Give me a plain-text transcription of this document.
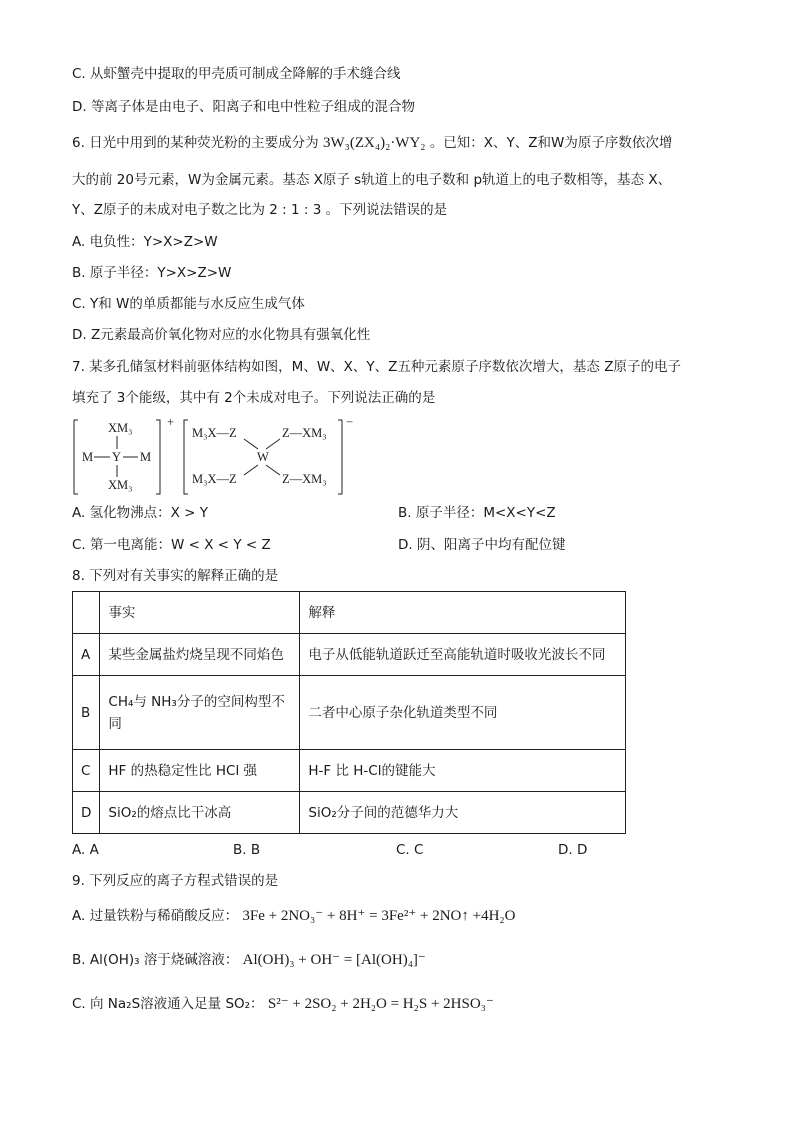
C. 从虾蟹壳中提取的甲壳质可制成全降解的手术缝合线
D. 等离子体是由电子、阳离子和电中性粒子组成的混合物
6. 日光中用到的某种荧光粉的主要成分为 3W₃(ZX₄)₂·WY₂ 。已知：X、Y、Z和W为原子序数依次增
大的前 20号元素，W为金属元素。基态 X原子 s轨道上的电子数和 p轨道上的电子数相等，基态 X、
Y、Z原子的未成对电子数之比为 2 : 1 : 3 。下列说法错误的是
A. 电负性：Y>X>Z>W
B. 原子半径：Y>X>Z>W
C. Y和 W的单质都能与水反应生成气体
D. Z元素最高价氧化物对应的水化物具有强氧化性
7. 某多孔储氢材料前驱体结构如图，M、W、X、Y、Z五种元素原子序数依次增大，基态 Z原子的电子
填充了 3个能级，其中有 2个未成对电子。下列说法正确的是
+
XM₃
M Y M
XM₃
−
M₃X—Z	Z—XM₃
W
M₃X—Z	Z—XM₃
A. 氢化物沸点：X > Y	B. 原子半径：M<X<Y<Z
C. 第一电离能：W < X < Y < Z	D. 阴、阳离子中均有配位键
8. 下列对有关事实的解释正确的是
	事实	解释
A	某些金属盐灼烧呈现不同焰色	电子从低能轨道跃迁至高能轨道时吸收光波长不同
B	CH₄与 NH₃分子的空间构型不
同	二者中心原子杂化轨道类型不同
C	HF 的热稳定性比 HCl 强	H-F 比 H-Cl的键能大
D	SiO₂的熔点比干冰高	SiO₂分子间的范德华力大
A. A	B. B	C. C	D. D
9. 下列反应的离子方程式错误的是
A. 过量铁粉与稀硝酸反应： 3Fe + 2NO₃⁻ + 8H⁺ = 3Fe²⁺ + 2NO↑ +4H₂O
B. Al(OH)₃ 溶于烧碱溶液： Al(OH)₃ + OH⁻ = [Al(OH)₄]⁻
C. 向 Na₂S溶液通入足量 SO₂： S²⁻ + 2SO₂ + 2H₂O = H₂S + 2HSO₃⁻
